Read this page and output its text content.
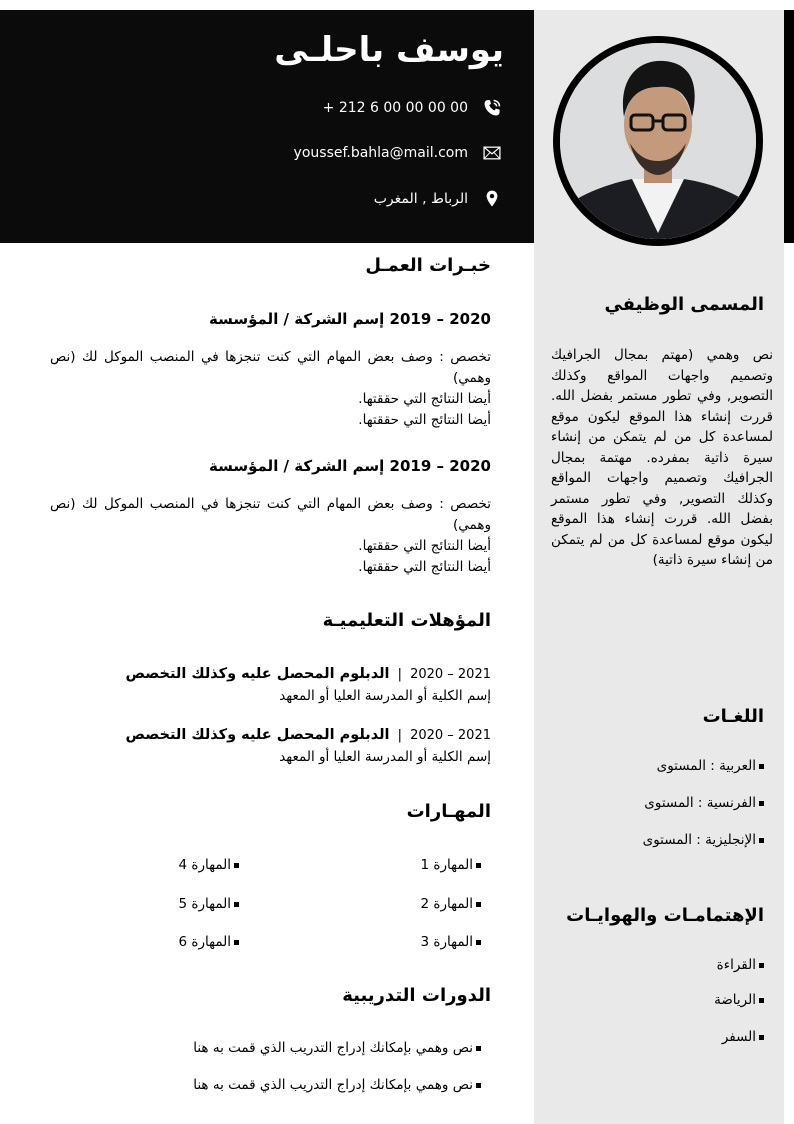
يوسف باحلـى
+ 212 6 00 00 00 00
youssef.bahla@mail.com
الرباط , المغرب
المسمى الوظيفي
نص وهمي (مهتم بمجال الجرافيك وتصميم واجهات المواقع وكذلك التصوير, وفي تطور مستمر بفضل الله. قررت إنشاء هذا الموقع ليكون موقع لمساعدة كل من لم يتمكن من إنشاء سيرة ذاتية بمفرده. مهتمة بمجال الجرافيك وتصميم واجهات المواقع وكذلك التصوير, وفي تطور مستمر بفضل الله. قررت إنشاء هذا الموقع ليكون موقع لمساعدة كل من لم يتمكن من إنشاء سيرة ذاتية)
اللغـات
العربية : المستوى
الفرنسية : المستوى
الإنجليزية : المستوى
الإهتمامـات والهوايـات
القراءة
الرياضة
السفر
خبـرات العمـل
2020 – 2019 إسم الشركة / المؤسسة
تخصص : وصف بعض المهام التي كنت تنجزها في المنصب الموكل لك (نص وهمي)
أيضا النتائج التي حققتها.
أيضا النتائج التي حققتها.
2020 – 2019 إسم الشركة / المؤسسة
تخصص : وصف بعض المهام التي كنت تنجزها في المنصب الموكل لك (نص وهمي)
أيضا النتائج التي حققتها.
أيضا النتائج التي حققتها.
المؤهلات التعليميـة
2020 – 2021
|
الدبلوم المحصل عليه وكذلك التخصص
إسم الكلية أو المدرسة العليا أو المعهد
2020 – 2021
|
الدبلوم المحصل عليه وكذلك التخصص
إسم الكلية أو المدرسة العليا أو المعهد
المهـارات
المهارة 1
المهارة 2
المهارة 3
المهارة 4
المهارة 5
المهارة 6
الدورات التدريبية
نص وهمي بإمكانك إدراج التدريب الذي قمت به هنا
نص وهمي بإمكانك إدراج التدريب الذي قمت به هنا
